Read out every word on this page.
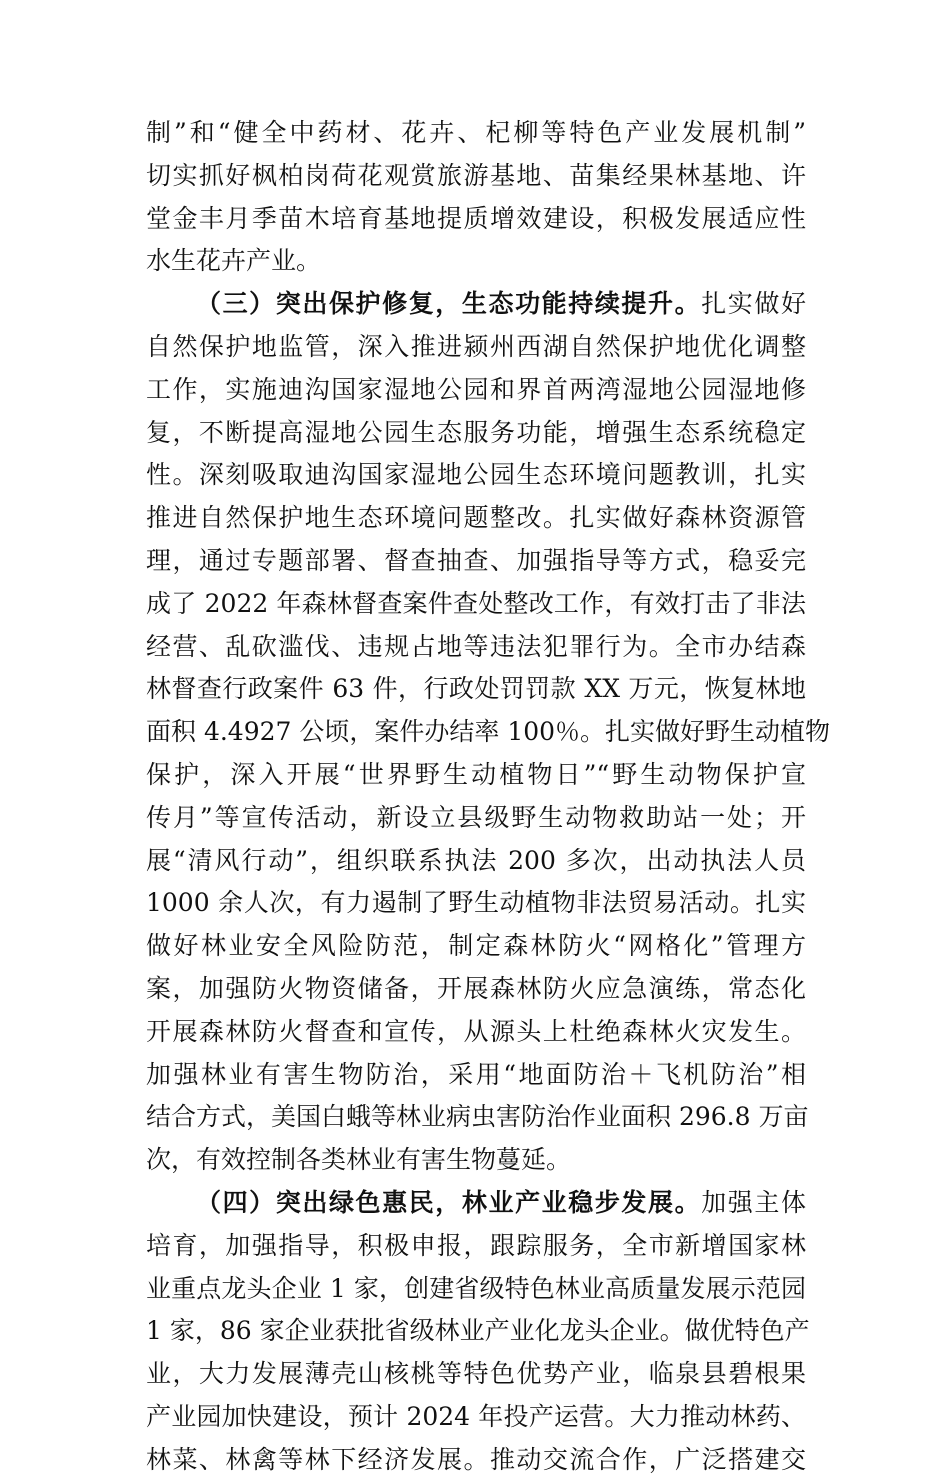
制”和“健全中药材、花卉、杞柳等特色产业发展机制”
切实抓好枫柏岗荷花观赏旅游基地、苗集经果林基地、许
堂金丰月季苗木培育基地提质增效建设，积极发展适应性
水生花卉产业。
（三）突出保护修复，生态功能持续提升。扎实做好
自然保护地监管，深入推进颍州西湖自然保护地优化调整
工作，实施迪沟国家湿地公园和界首两湾湿地公园湿地修
复，不断提高湿地公园生态服务功能，增强生态系统稳定
性。深刻吸取迪沟国家湿地公园生态环境问题教训，扎实
推进自然保护地生态环境问题整改。扎实做好森林资源管
理，通过专题部署、督查抽查、加强指导等方式，稳妥完
成了 2022 年森林督查案件查处整改工作，有效打击了非法
经营、乱砍滥伐、违规占地等违法犯罪行为。全市办结森
林督查行政案件 63 件，行政处罚罚款 XX 万元，恢复林地
面积 4.4927 公顷，案件办结率 100％。扎实做好野生动植物
保护，深入开展“世界野生动植物日”“野生动物保护宣
传月”等宣传活动，新设立县级野生动物救助站一处；开
展“清风行动”，组织联系执法 200 多次，出动执法人员
1000 余人次，有力遏制了野生动植物非法贸易活动。扎实
做好林业安全风险防范，制定森林防火“网格化”管理方
案，加强防火物资储备，开展森林防火应急演练，常态化
开展森林防火督查和宣传，从源头上杜绝森林火灾发生。
加强林业有害生物防治，采用“地面防治＋飞机防治”相
结合方式，美国白蛾等林业病虫害防治作业面积 296.8 万亩
次，有效控制各类林业有害生物蔓延。
（四）突出绿色惠民，林业产业稳步发展。加强主体
培育，加强指导，积极申报，跟踪服务，全市新增国家林
业重点龙头企业 1 家，创建省级特色林业高质量发展示范园
1 家，86 家企业获批省级林业产业化龙头企业。做优特色产
业，大力发展薄壳山核桃等特色优势产业，临泉县碧根果
产业园加快建设，预计 2024 年投产运营。大力推动林药、
林菜、林禽等林下经济发展。推动交流合作，广泛搭建交
